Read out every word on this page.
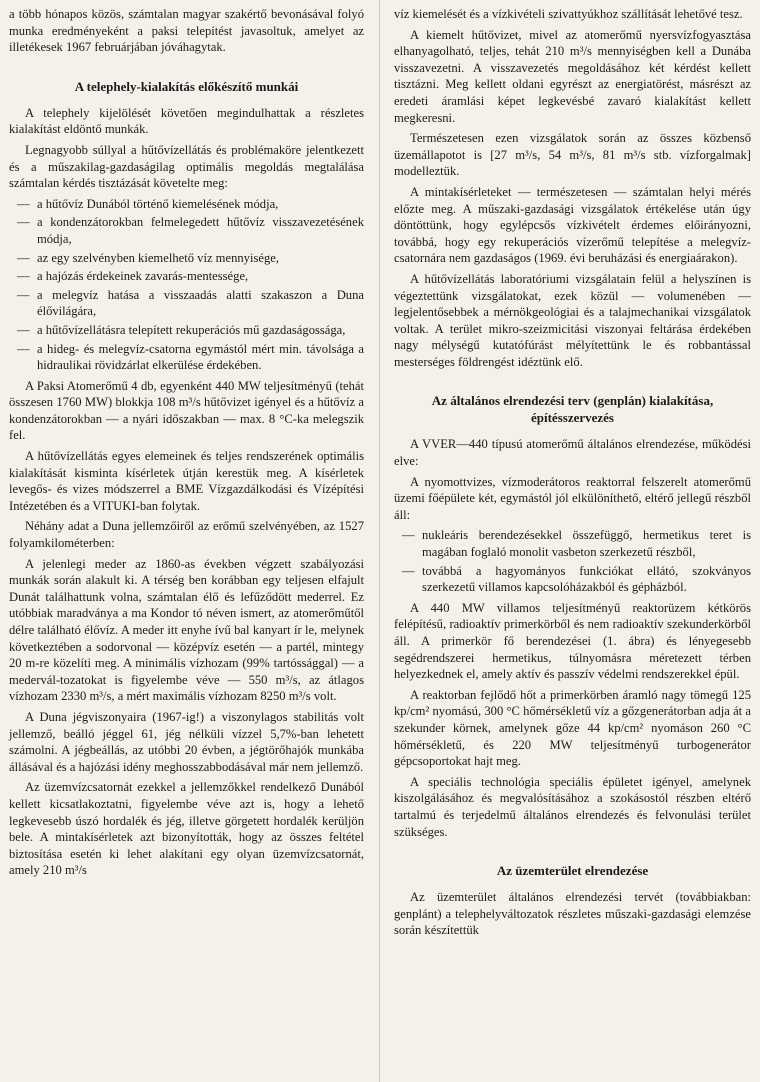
a több hónapos közös, számtalan magyar szakértő bevonásával folyó munka eredményeként a paksi telepítést javasoltuk, amelyet az illetékesek 1967 februárjában jóváhagytak.

A telephely-kialakítás előkészítő munkái

A telephely kijelölését követően megindulhattak a részletes kialakítást eldöntő munkák.

Legnagyobb súllyal a hűtővízellátás és problémaköre jelentkezett és a műszakilag-gazdaságilag optimális megoldás megtalálása számtalan kérdés tisztázását követelte meg:

— a hűtővíz Dunából történő kiemelésének módja,
— a kondenzátorokban felmelegedett hűtővíz visszavezetésének módja,
— az egy szelvényben kiemelhető víz mennyisége,
— a hajózás érdekeinek zavarás-mentessége,
— a melegvíz hatása a visszaadás alatti szakaszon a Duna élővilágára,
— a hűtővízellátásra telepített rekuperációs mű gazdaságossága,
— a hideg- és melegvíz-csatorna egymástól mért min. távolsága a hidraulikai rövidzárlat elkerülése érdekében.

A Paksi Atomerőmű 4 db, egyenként 440 MW teljesítményű (tehát összesen 1760 MW) blokkja 108 m³/s hűtővizet igényel és a hűtővíz a kondenzátorokban — a nyári időszakban — max. 8 °C-ka melegszik fel.

A hűtővízellátás egyes elemeinek és teljes rendszerének optimális kialakítását kisminta kísérletek útján kerestük meg. A kísérletek levegős- és vizes módszerrel a BME Vízgazdálkodási és Vízépítési Intézetében és a VITUKI-ban folytak.

Néhány adat a Duna jellemzőiről az erőmű szelvényében, az 1527 folyamkilométerben:

A jelenlegi meder az 1860-as években végzett szabályozási munkák során alakult ki. A térség ben korábban egy teljesen elfajult Dunát találhattunk volna, számtalan élő és lefűződött mederrel. Ez utóbbiak maradványa a ma Kondor tó néven ismert, az atomerőműtől délre található élővíz. A meder itt enyhe ívű bal kanyart ír le, melynek következtében a sodorvonal — középvíz esetén — a partél, mintegy 20 m-re közelíti meg. A minimális vízhozam (99% tartóssággal) — a medervál-tozatokat is figyelembe véve — 550 m³/s, az átlagos vízhozam 2330 m³/s, a mért maximális vízhozam 8250 m³/s volt.

A Duna jégviszonyaira (1967-ig!) a viszonylagos stabilitás volt jellemző, beálló jéggel 61, jég nélküli vízzel 5,7%-ban lehetett számolni. A jégbeállás, az utóbbi 20 évben, a jégtörőhajók munkába állásával és a hajózási idény meghosszabbodásával már nem jellemző.

Az üzemvízcsatornát ezekkel a jellemzőkkel rendelkező Dunából kellett kicsatlakoztatni, figyelembe véve azt is, hogy a lehető legkevesebb úszó hordalék és jég, illetve görgetett hordalék kerüljön bele. A mintakísérletek azt bizonyították, hogy az összes feltétel biztosítása esetén ki lehet alakítani egy olyan üzemvízcsatornát, amely 210 m³/s

víz kiemelését és a vízkivételi szivattyúkhoz szállítását lehetővé tesz.

A kiemelt hűtővizet, mivel az atomerőmű nyersvízfogyasztása elhanyagolható, teljes, tehát 210 m³/s mennyiségben kell a Dunába visszavezetni. A visszavezetés megoldásához két kérdést kellett tisztázni. Meg kellett oldani egyrészt az energiatörést, másrészt az eredeti áramlási képet legkevésbé zavaró kialakítást kellett megkeresni.

Természetesen ezen vizsgálatok során az összes közbenső üzemállapotot is [27 m³/s, 54 m³/s, 81 m³/s stb. vízforgalmak] modelleztük.

A mintakísérleteket — természetesen — számtalan helyi mérés előzte meg. A műszaki-gazdasági vizsgálatok értékelése után úgy döntöttünk, hogy egylépcsős vízkivételt érdemes előirányozni, továbbá, hogy egy rekuperációs vízerőmű telepítése a melegvíz-csatornára nem gazdaságos (1969. évi beruházási és energiaárakon).

A hűtővízellátás laboratóriumi vizsgálatain felül a helyszínen is végeztettünk vizsgálatokat, ezek közül — volumenében — legjelentősebbek a mérnökgeológiai és a talajmechanikai vizsgálatok voltak. A terület mikro-szeizmicitási viszonyai feltárása érdekében nagy mélységű kutatófúrást mélyítettünk le és robbantással mesterséges földrengést idéztünk elő.

Az általános elrendezési terv (genplán) kialakítása, építésszervezés

A VVER—440 típusú atomerőmű általános elrendezése, működési elve:

A nyomottvizes, vízmoderátoros reaktorral felszerelt atomerőmű üzemi főépülete két, egymástól jól elkülöníthető, eltérő jellegű részből áll:

— nukleáris berendezésekkel összefüggő, hermetikus teret is magában foglaló monolit vasbeton szerkezetű részből,
— továbbá a hagyományos funkciókat ellátó, szokványos szerkezetű villamos kapcsolóházakból és gépházból.

A 440 MW villamos teljesítményű reaktorüzem kétkörös felépítésű, radioaktív primerkörből és nem radioaktív szekunderkörből áll. A primerkör fő berendezései (1. ábra) és lényegesebb segédrendszerei hermetikus, túlnyomásra méretezett térben helyezkednek el, amely aktív és passzív védelmi rendszerekkel épül.

A reaktorban fejlődő hőt a primerkörben áramló nagy tömegű 125 kp/cm² nyomású, 300 °C hőmérsékletű víz a gőzgenerátorban adja át a szekunder körnek, amelynek gőze 44 kp/cm² nyomáson 260 °C hőmérsékletű, és 220 MW teljesítményű turbogenerátor gépcsoportokat hajt meg.

A speciális technológia speciális épületet igényel, amelynek kiszolgálásához és megvalósításához a szokásostól részben eltérő tartalmú és terjedelmű általános elrendezés és felvonulási terület szükséges.

Az üzemterület elrendezése

Az üzemterület általános elrendezési tervét (továbbiakban: genplánt) a telephelyváltozatok részletes műszaki-gazdasági elemzése során készítettük
